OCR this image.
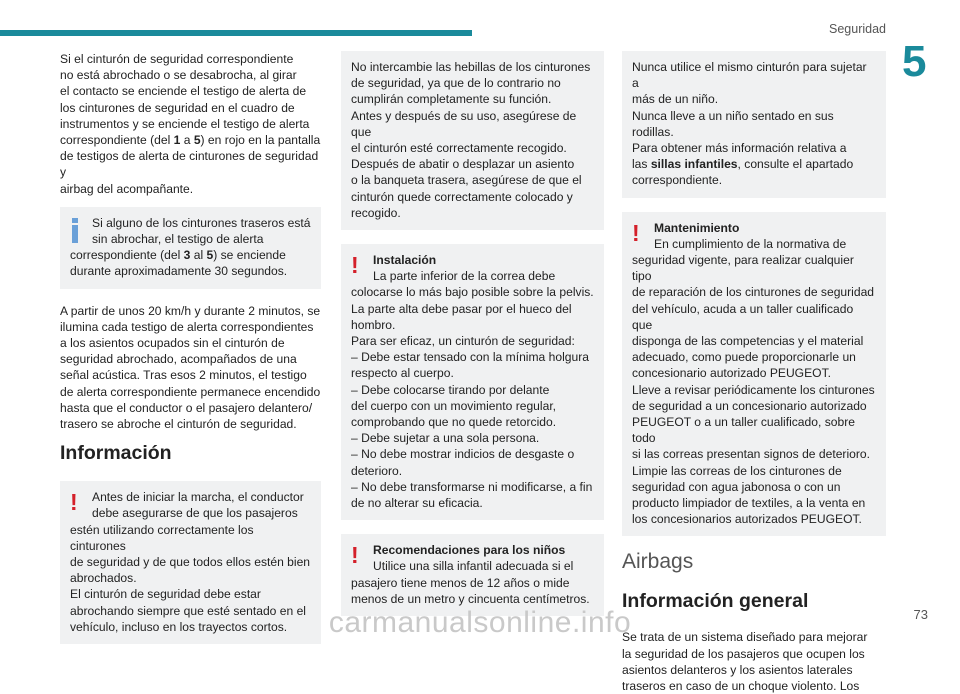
Seguridad
5

Si el cinturón de seguridad correspondiente
no está abrochado o se desabrocha, al girar
el contacto se enciende el testigo de alerta de
los cinturones de seguridad en el cuadro de
instrumentos y se enciende el testigo de alerta
correspondiente (del 1 a 5) en rojo en la pantalla
de testigos de alerta de cinturones de seguridad y
airbag del acompañante.

Si alguno de los cinturones traseros está
sin abrochar, el testigo de alerta

correspondiente (del 3 al 5) se enciende
durante aproximadamente 30 segundos.

A partir de unos 20 km/h y durante 2 minutos, se
ilumina cada testigo de alerta correspondientes
a los asientos ocupados sin el cinturón de
seguridad abrochado, acompañados de una
señal acústica. Tras esos 2 minutos, el testigo
de alerta correspondiente permanece encendido
hasta que el conductor o el pasajero delantero/
trasero se abroche el cinturón de seguridad.

Información
!	Antes de iniciar la marcha, el conductor
debe asegurarse de que los pasajeros

estén utilizando correctamente los cinturones
de seguridad y de que todos ellos estén bien
abrochados.
El cinturón de seguridad debe estar
abrochando siempre que esté sentado en el
vehículo, incluso en los trayectos cortos.

No intercambie las hebillas de los cinturones
de seguridad, ya que de lo contrario no
cumplirán completamente su función.
Antes y después de su uso, asegúrese de que
el cinturón esté correctamente recogido.
Después de abatir o desplazar un asiento
o la banqueta trasera, asegúrese de que el
cinturón quede correctamente colocado y
recogido.

!	Instalación

La parte inferior de la correa debe

colocarse lo más bajo posible sobre la pelvis.
La parte alta debe pasar por el hueco del
hombro.
Para ser eficaz, un cinturón de seguridad:
– Debe estar tensado con la mínima holgura
respecto al cuerpo.
– Debe colocarse tirando por delante
del cuerpo con un movimiento regular,
comprobando que no quede retorcido.
– Debe sujetar a una sola persona.
– No debe mostrar indicios de desgaste o
deterioro.
– No debe transformarse ni modificarse, a fin
de no alterar su eficacia.

!	Recomendaciones para los niños

Utilice una silla infantil adecuada si el

pasajero tiene menos de 12 años o mide
menos de un metro y cincuenta centímetros.

Nunca utilice el mismo cinturón para sujetar a
más de un niño.
Nunca lleve a un niño sentado en sus rodillas.
Para obtener más información relativa a
las sillas infantiles, consulte el apartado
correspondiente.

!	Mantenimiento

En cumplimiento de la normativa de

seguridad vigente, para realizar cualquier tipo
de reparación de los cinturones de seguridad
del vehículo, acuda a un taller cualificado que
disponga de las competencias y el material
adecuado, como puede proporcionarle un
concesionario autorizado PEUGEOT.
Lleve a revisar periódicamente los cinturones
de seguridad a un concesionario autorizado
PEUGEOT o a un taller cualificado, sobre todo
si las correas presentan signos de deterioro.
Limpie las correas de los cinturones de
seguridad con agua jabonosa o con un
producto limpiador de textiles, a la venta en
los concesionarios autorizados PEUGEOT.

Airbags
Información general

Se trata de un sistema diseñado para mejorar
la seguridad de los pasajeros que ocupen los
asientos delanteros y los asientos laterales
traseros en caso de un choque violento. Los

73
carmanualsonline.info
